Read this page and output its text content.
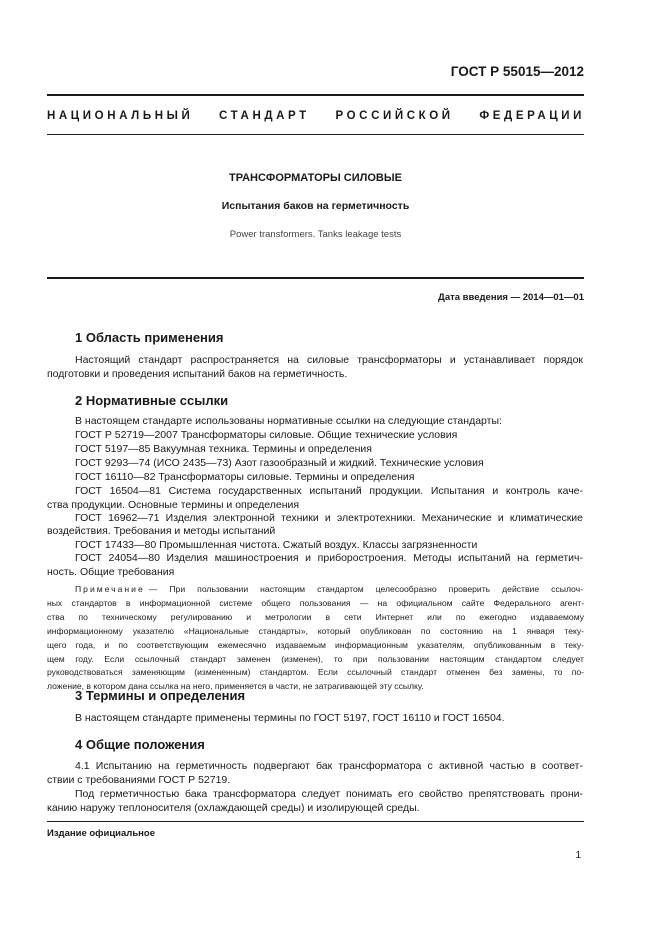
ГОСТ Р 55015—2012
НАЦИОНАЛЬНЫЙ СТАНДАРТ РОССИЙСКОЙ ФЕДЕРАЦИИ
ТРАНСФОРМАТОРЫ СИЛОВЫЕ
Испытания баков на герметичность
Power transformers. Tanks leakage tests
Дата введения — 2014—01—01
1 Область применения
Настоящий стандарт распространяется на силовые трансформаторы и устанавливает порядок
подготовки и проведения испытаний баков на герметичность.
2 Нормативные ссылки
В настоящем стандарте использованы нормативные ссылки на следующие стандарты:
ГОСТ Р 52719—2007 Трансформаторы силовые. Общие технические условия
ГОСТ 5197—85 Вакуумная техника. Термины и определения
ГОСТ 9293—74 (ИСО 2435—73) Азот газообразный и жидкий. Технические условия
ГОСТ 16110—82 Трансформаторы силовые. Термины и определения
ГОСТ 16504—81 Система государственных испытаний продукции. Испытания и контроль каче-
ства продукции. Основные термины и определения
ГОСТ 16962—71 Изделия электронной техники и электротехники. Механические и климатические
воздействия. Требования и методы испытаний
ГОСТ 17433—80 Промышленная чистота. Сжатый воздух. Классы загрязненности
ГОСТ 24054—80 Изделия машиностроения и приборостроения. Методы испытаний на герметич-
ность. Общие требования
Примечание — При пользовании настоящим стандартом целесообразно проверить действие ссылоч-
ных стандартов в информационной системе общего пользования — на официальном сайте Федерального агент-
ства по техническому регулированию и метрологии в сети Интернет или по ежегодно издаваемому
информационному указателю «Национальные стандарты», который опубликован по состоянию на 1 января теку-
щего года, и по соответствующим ежемесячно издаваемым информационным указателям, опубликованным в теку-
щем году. Если ссылочный стандарт заменен (изменен), то при пользовании настоящим стандартом следует
руководствоваться заменяющим (измененным) стандартом. Если ссылочный стандарт отменен без замены, то по-
ложение, в котором дана ссылка на него, применяется в части, не затрагивающей эту ссылку.
3 Термины и определения
В настоящем стандарте применены термины по ГОСТ 5197, ГОСТ 16110 и ГОСТ 16504.
4 Общие положения
4.1 Испытанию на герметичность подвергают бак трансформатора с активной частью в соответ-
ствии с требованиями ГОСТ Р 52719.
Под герметичностью бака трансформатора следует понимать его свойство препятствовать прони-
канию наружу теплоносителя (охлаждающей среды) и изолирующей среды.
Издание официальное
1
